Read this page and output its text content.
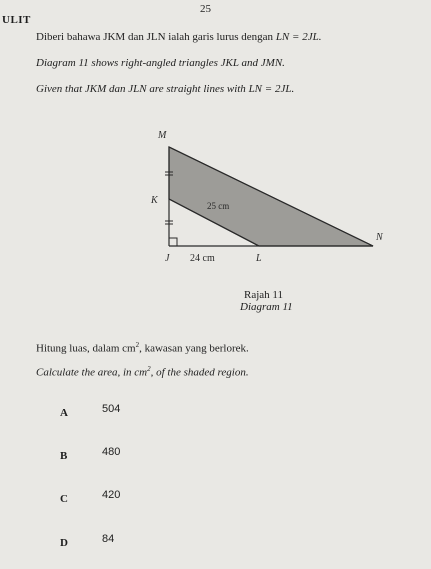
25
ULIT
Diberi bahawa JKM dan JLN ialah garis lurus dengan LN = 2JL.
Diagram 11 shows right-angled triangles JKL and JMN.
Given that JKM dan JLN are straight lines with LN = 2JL.
M
K
J	L
N
25 cm
24 cm
Rajah 11
Diagram 11
Hitung luas, dalam $cm^2$, kawasan yang berlorek.
Calculate the area, in $cm^2$, of the shaded region.
A	504
B	480
C	420
D	84
